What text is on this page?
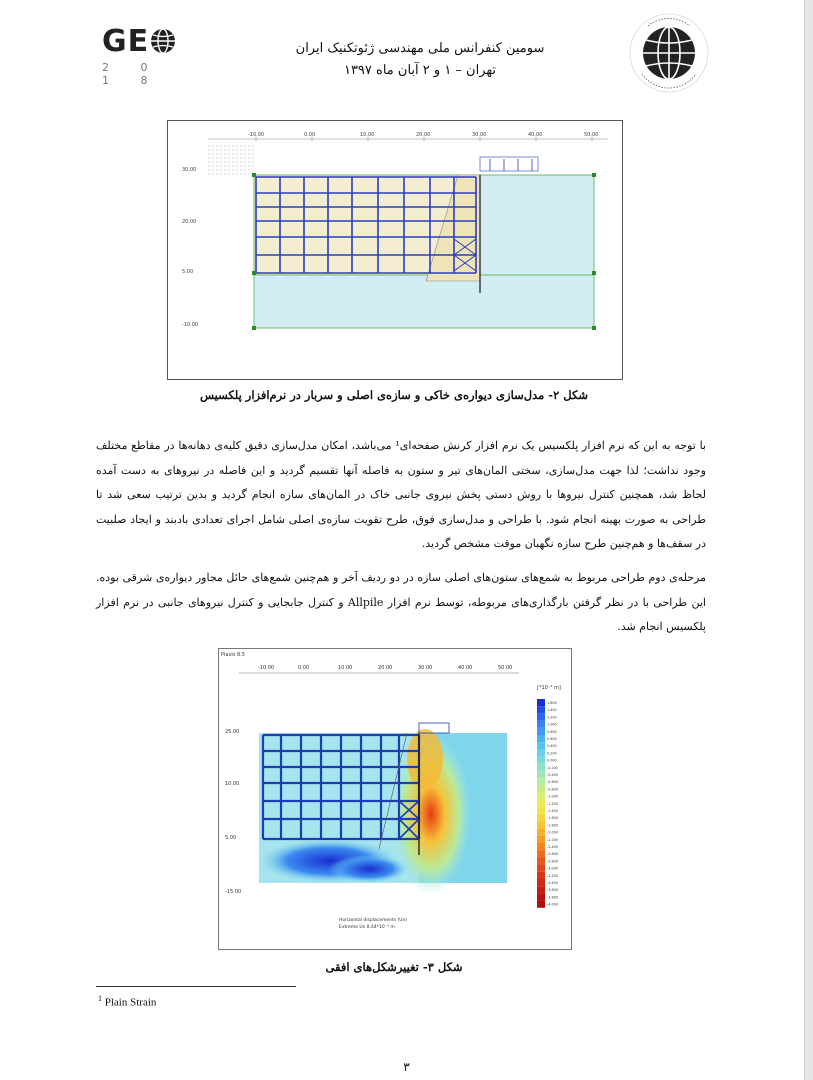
GE
2 0 1 8
سومین کنفرانس ملی مهندسی ژئوتکنیک ایران
تهران – ۱ و ۲ آبان ماه ۱۳۹۷
-10.00	0.00	10.00	20.00	30.00	40.00	50.00
30.00
20.00
5.00
-10.00
شکل ۲- مدل‌سازی دیواره‌ی خاکی و سازه‌ی اصلی و سربار در نرم‌افزار پلکسیس
با توجه به این که نرم افزار پلکسیس یک نرم افزار کرنش صفحه‌ای¹ می‌باشد، امکان مدل‌سازی دقیق کلیه‌ی دهانه‌ها در مقاطع مختلف وجود نداشت؛ لذا جهت مدل‌سازی، سختی المان‌های تیر و ستون به فاصله آنها تقسیم گردید و این فاصله در نیروهای به دست آمده لحاظ شد، همچنین کنترل نیروها با روش دستی پخش نیروی جانبی خاک در المان‌های سازه انجام گردید و بدین ترتیب سعی شد تا طراحی به صورت بهینه انجام شود. با طراحی و مدل‌سازی فوق، طرح تقویت سازه‌ی اصلی شامل اجرای تعدادی بادبند و ایجاد صلبیت در سقف‌ها و هم‌چنین طرح سازه نگهبان موقت مشخص گردید.
مرحله‌ی دوم طراحی مربوط به شمع‌های ستون‌های اصلی سازه در دو ردیف آخر و هم‌چنین شمع‌های حائل مجاور دیواره‌ی شرقی بوده. این طراحی با در نظر گرفتن بارگذاری‌های مربوطه، توسط نرم افزار Allpile و کنترل جابجایی و کنترل نیروهای جانبی در نرم افزار پلکسیس انجام شد.
Plaxis 8.5
-10.00	0.00	10.00	20.00	30.00	40.00	50.00
25.00
10.00
5.00
-15.00
Horizontal displacements (Ux)
Extreme Ux 8.44*10⁻³ m
[*10⁻³ m]
1.600
1.400
1.200
1.000
0.800
0.600
0.400
0.200
0.000
-0.200
-0.400
-0.600
-0.800
-1.000
-1.200
-1.400
-1.600
-1.800
-2.000
-2.200
-2.400
-2.600
-2.800
-3.000
-3.200
-3.400
-3.600
-3.800
-4.000
شکل ۳- تغییرشکل‌های افقی
$^1$ Plain Strain
۳
